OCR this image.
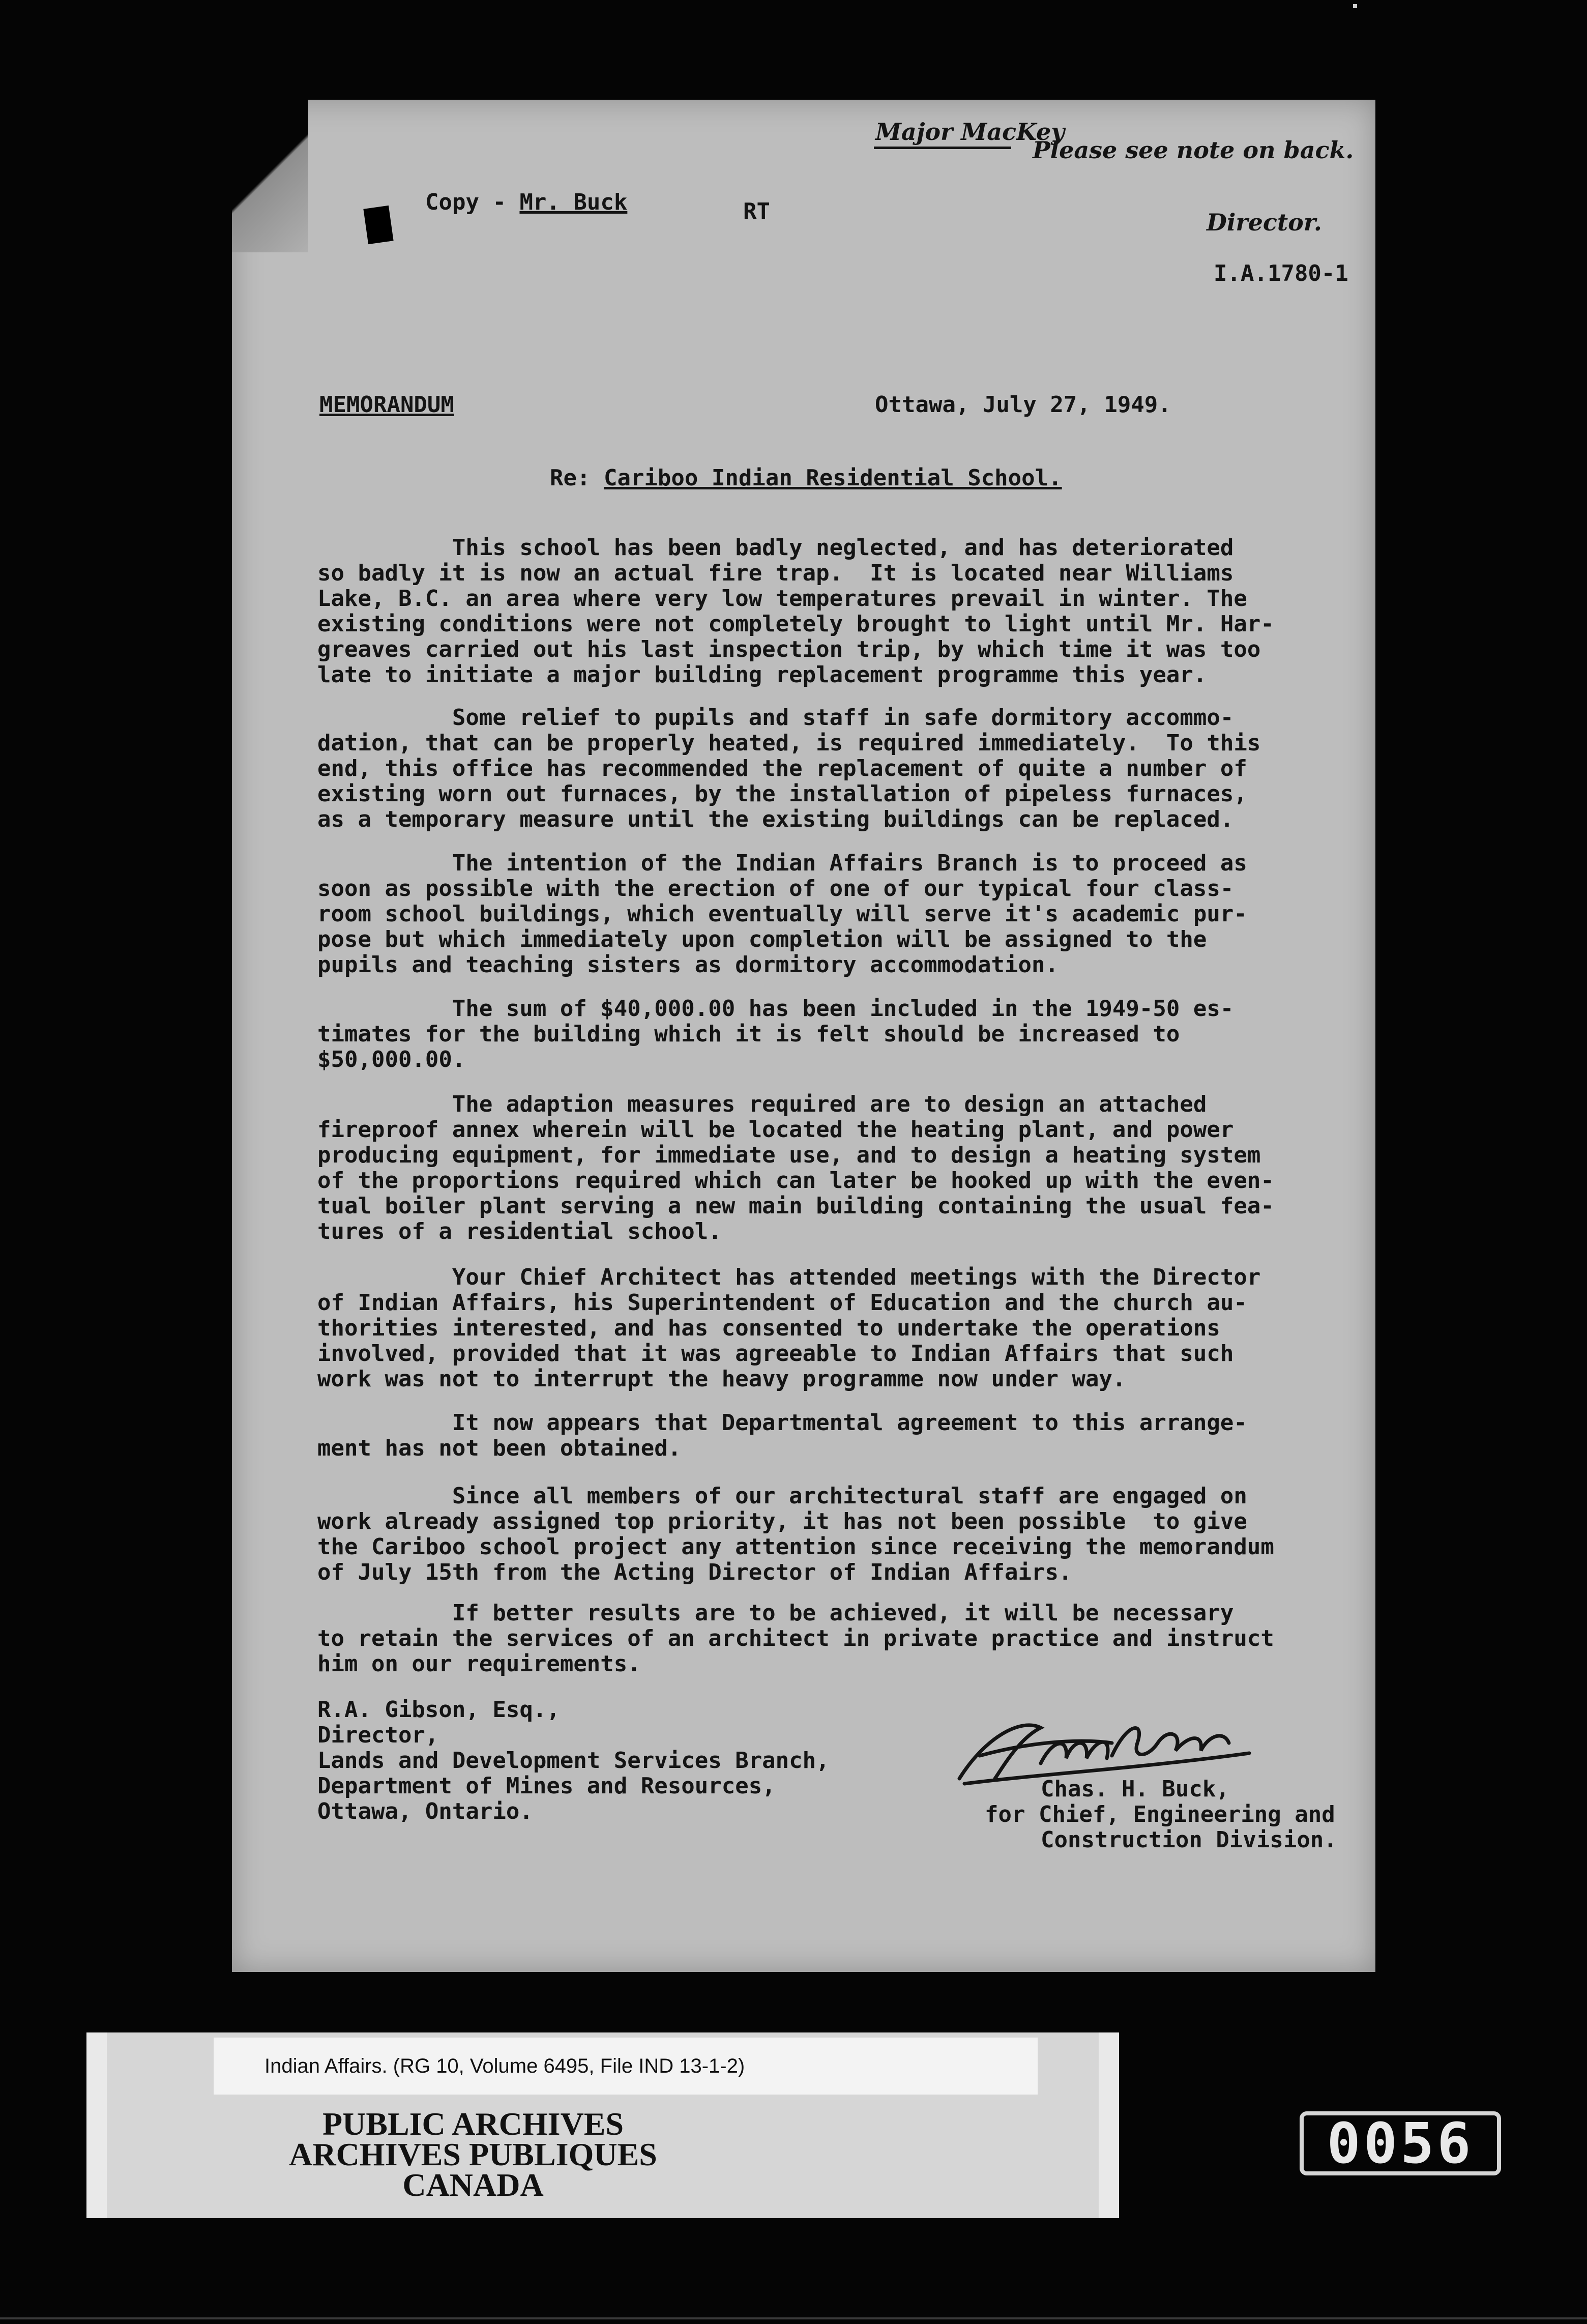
Major MacKey
Please see note on back.
Copy - Mr. Buck	RT	Director.
I.A.1780-1
MEMORANDUM	Ottawa, July 27, 1949.
Re: Cariboo Indian Residential School.

This school has been badly neglected, and has deteriorated

so badly it is now an actual fire trap.  It is located near Williams

Lake, B.C. an area where very low temperatures prevail in winter. The

existing conditions were not completely brought to light until Mr. Har-

greaves carried out his last inspection trip, by which time it was too

late to initiate a major building replacement programme this year.

Some relief to pupils and staff in safe dormitory accommo-

dation, that can be properly heated, is required immediately.  To this

end, this office has recommended the replacement of quite a number of

existing worn out furnaces, by the installation of pipeless furnaces,

as a temporary measure until the existing buildings can be replaced.

The intention of the Indian Affairs Branch is to proceed as

soon as possible with the erection of one of our typical four class-

room school buildings, which eventually will serve it's academic pur-

pose but which immediately upon completion will be assigned to the

pupils and teaching sisters as dormitory accommodation.

The sum of $40,000.00 has been included in the 1949-50 es-

timates for the building which it is felt should be increased to

$50,000.00.

The adaption measures required are to design an attached

fireproof annex wherein will be located the heating plant, and power

producing equipment, for immediate use, and to design a heating system

of the proportions required which can later be hooked up with the even-

tual boiler plant serving a new main building containing the usual fea-

tures of a residential school.

Your Chief Architect has attended meetings with the Director

of Indian Affairs, his Superintendent of Education and the church au-

thorities interested, and has consented to undertake the operations

involved, provided that it was agreeable to Indian Affairs that such

work was not to interrupt the heavy programme now under way.

It now appears that Departmental agreement to this arrange-

ment has not been obtained.

Since all members of our architectural staff are engaged on

work already assigned top priority, it has not been possible  to give

the Cariboo school project any attention since receiving the memorandum

of July 15th from the Acting Director of Indian Affairs.

If better results are to be achieved, it will be necessary

to retain the services of an architect in private practice and instruct

him on our requirements.

R.A. Gibson, Esq.,

Director,

Lands and Development Services Branch,

Department of Mines and Resources,

Ottawa, Ontario.

Chas. H. Buck,

for Chief, Engineering and

Construction Division.

Indian Affairs. (RG 10, Volume 6495, File IND 13-1-2)
PUBLIC ARCHIVES
ARCHIVES PUBLIQUES
CANADA
0056
